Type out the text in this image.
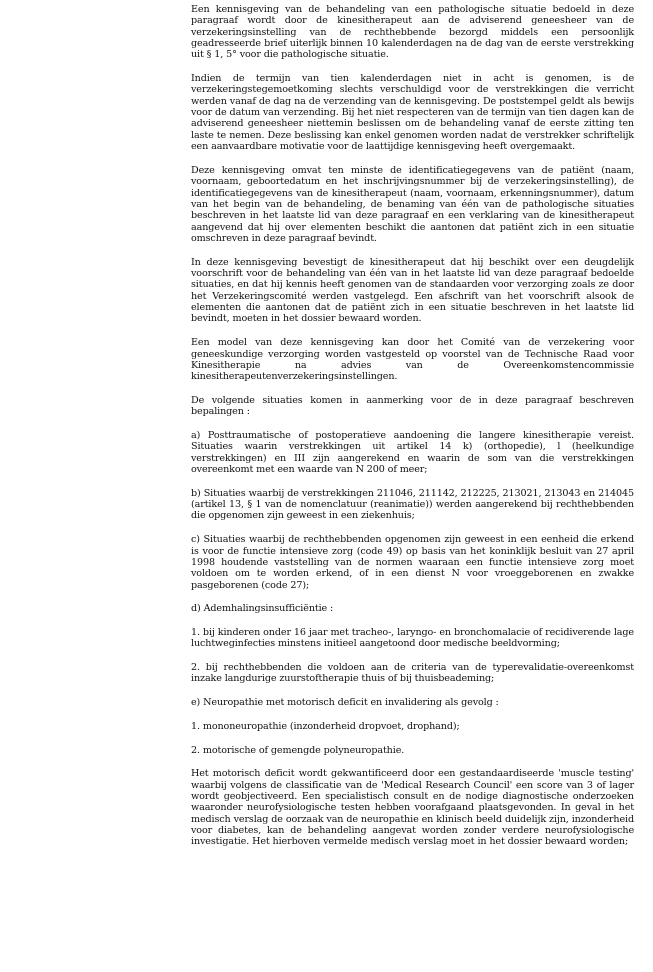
Een kennisgeving van de behandeling van een pathologische situatie bedoeld in deze paragraaf wordt door de kinesitherapeut aan de adviserend geneesheer van de verzekeringsinstelling van de rechthebbende bezorgd middels een persoonlijk geadresseerde brief uiterlijk binnen 10 kalenderdagen na de dag van de eerste verstrekking uit § 1, 5° voor die pathologische situatie.

Indien de termijn van tien kalenderdagen niet in acht is genomen, is de verzekeringstegemoetkoming slechts verschuldigd voor de verstrekkingen die verricht werden vanaf de dag na de verzending van de kennisgeving. De poststempel geldt als bewijs voor de datum van verzending. Bij het niet respecteren van de termijn van tien dagen kan de adviserend geneesheer niettemin beslissen om de behandeling vanaf de eerste zitting ten laste te nemen. Deze beslissing kan enkel genomen worden nadat de verstrekker schriftelijk een aanvaardbare motivatie voor de laattijdige kennisgeving heeft overgemaakt.

Deze kennisgeving omvat ten minste de identificatiegegevens van de patiënt (naam, voornaam, geboortedatum en het inschrijvingsnummer bij de verzekeringsinstelling), de identificatiegegevens van de kinesitherapeut (naam, voornaam, erkenningsnummer), datum van het begin van de behandeling, de benaming van één van de pathologische situaties beschreven in het laatste lid van deze paragraaf en een verklaring van de kinesitherapeut aangevend dat hij over elementen beschikt die aantonen dat patiënt zich in een situatie omschreven in deze paragraaf bevindt.

In deze kennisgeving bevestigt de kinesitherapeut dat hij beschikt over een deugdelijk voorschrift voor de behandeling van één van in het laatste lid van deze paragraaf bedoelde situaties, en dat hij kennis heeft genomen van de standaarden voor verzorging zoals ze door het Verzekeringscomité werden vastgelegd. Een afschrift van het voorschrift alsook de elementen die aantonen dat de patiënt zich in een situatie beschreven in het laatste lid bevindt, moeten in het dossier bewaard worden.

Een model van deze kennisgeving kan door het Comité van de verzekering voor geneeskundige verzorging worden vastgesteld op voorstel van de Technische Raad voor Kinesitherapie na advies van de Overeenkomstencommissie kinesitherapeutenverzekeringsinstellingen.

De volgende situaties komen in aanmerking voor de in deze paragraaf beschreven bepalingen :

a) Posttraumatische of postoperatieve aandoening die langere kinesitherapie vereist. Situaties waarin verstrekkingen uit artikel 14 k) (orthopedie), l (heelkundige verstrekkingen) en III zijn aangerekend en waarin de som van die verstrekkingen overeenkomt met een waarde van N 200 of meer;

b) Situaties waarbij de verstrekkingen 211046, 211142, 212225, 213021, 213043 en 214045 (artikel 13, § 1 van de nomenclatuur (reanimatie)) werden aangerekend bij rechthebbenden die opgenomen zijn geweest in een ziekenhuis;

c) Situaties waarbij de rechthebbenden opgenomen zijn geweest in een eenheid die erkend is voor de functie intensieve zorg (code 49) op basis van het koninklijk besluit van 27 april 1998 houdende vaststelling van de normen waaraan een functie intensieve zorg moet voldoen om te worden erkend, of in een dienst N voor vroeggeborenen en zwakke pasgeborenen (code 27);

d) Ademhalingsinsufficiëntie :

1. bij kinderen onder 16 jaar met tracheo-, laryngo- en bronchomalacie of recidiverende lage luchtweginfecties minstens initieel aangetoond door medische beeldvorming;

2. bij rechthebbenden die voldoen aan de criteria van de typerevalidatie-overeenkomst inzake langdurige zuurstoftherapie thuis of bij thuisbeademing;

e) Neuropathie met motorisch deficit en invalidering als gevolg :

1. mononeuropathie (inzonderheid dropvoet, drophand);

2. motorische of gemengde polyneuropathie.

Het motorisch deficit wordt gekwantificeerd door een gestandaardiseerde 'muscle testing' waarbij volgens de classificatie van de 'Medical Research Council' een score van 3 of lager wordt geobjectiveerd. Een specialistisch consult en de nodige diagnostische onderzoeken waaronder neurofysiologische testen hebben voorafgaand plaatsgevonden. In geval in het medisch verslag de oorzaak van de neuropathie en klinisch beeld duidelijk zijn, inzonderheid voor diabetes, kan de behandeling aangevat worden zonder verdere neurofysiologische investigatie. Het hierboven vermelde medisch verslag moet in het dossier bewaard worden;
